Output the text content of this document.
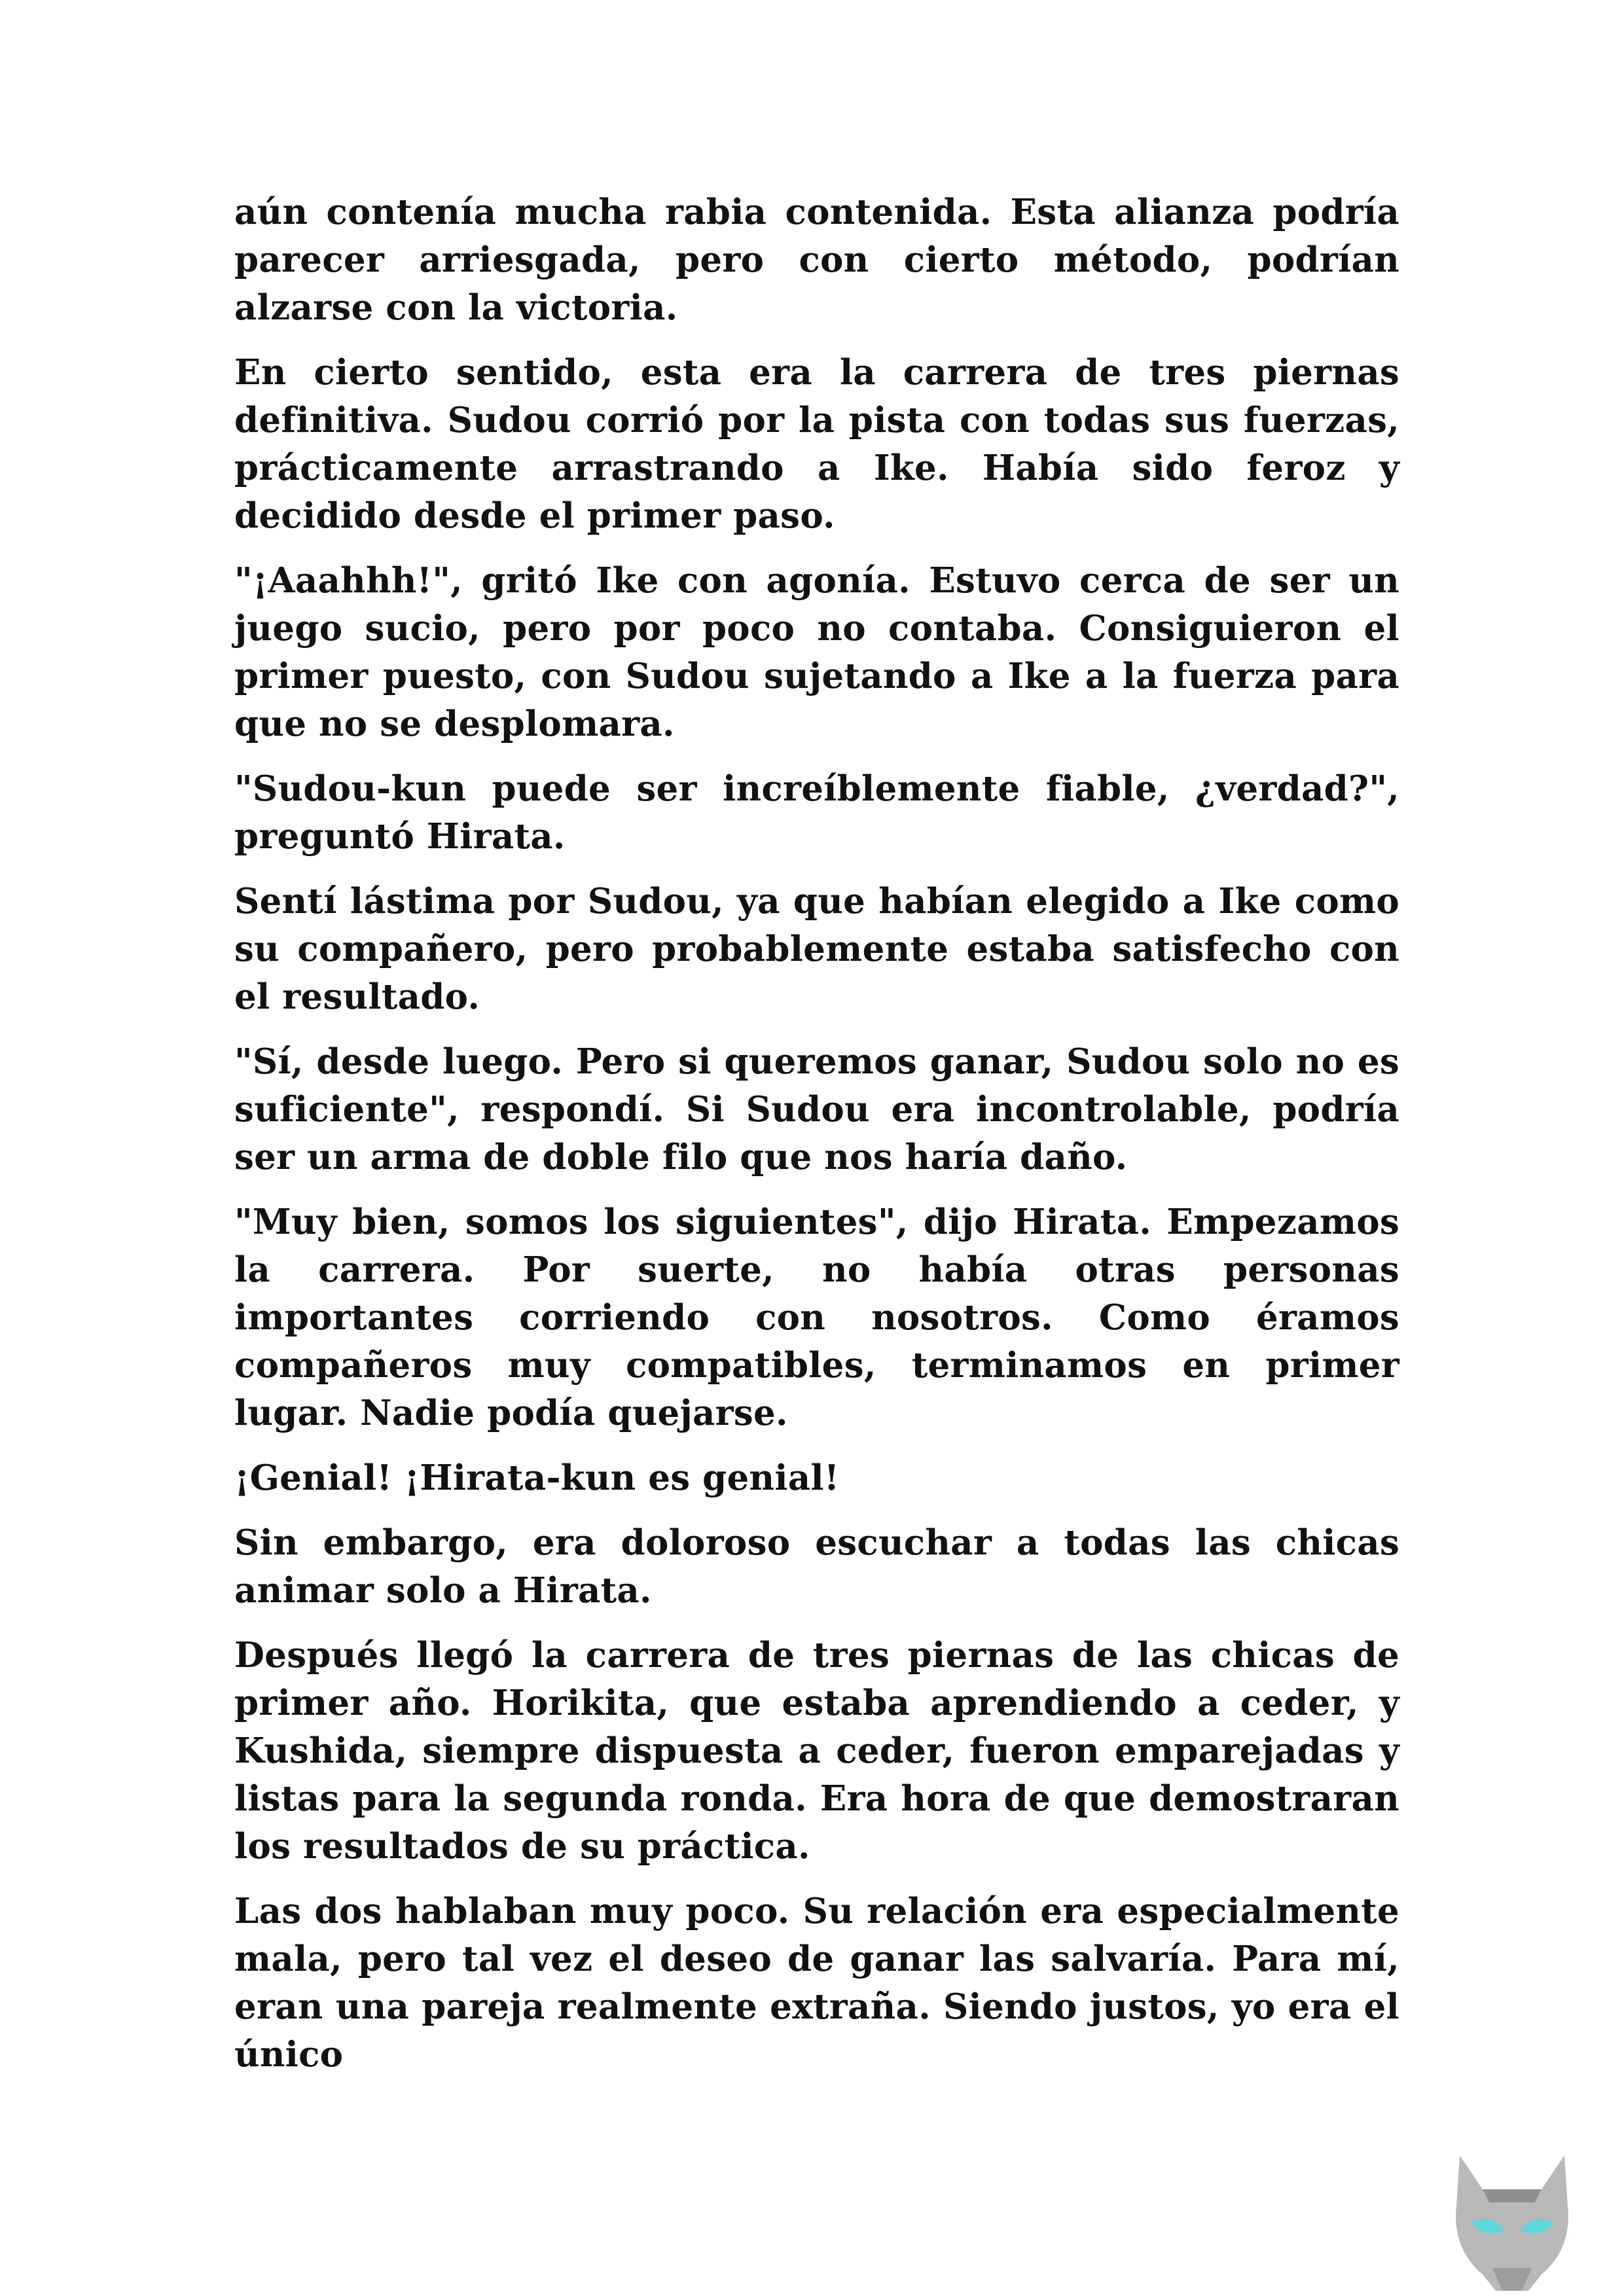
aún contenía mucha rabia contenida. Esta alianza podría parecer arriesgada, pero con cierto método, podrían alzarse con la victoria.

En cierto sentido, esta era la carrera de tres piernas definitiva. Sudou corrió por la pista con todas sus fuerzas, prácticamente arrastrando a Ike. Había sido feroz y decidido desde el primer paso.

"¡Aaahhh!", gritó Ike con agonía. Estuvo cerca de ser un juego sucio, pero por poco no contaba. Consiguieron el primer puesto, con Sudou sujetando a Ike a la fuerza para que no se desplomara.

"Sudou-kun puede ser increíblemente fiable, ¿verdad?", preguntó Hirata.

Sentí lástima por Sudou, ya que habían elegido a Ike como su compañero, pero probablemente estaba satisfecho con el resultado.

"Sí, desde luego. Pero si queremos ganar, Sudou solo no es suficiente", respondí. Si Sudou era incontrolable, podría ser un arma de doble filo que nos haría daño.

"Muy bien, somos los siguientes", dijo Hirata. Empezamos la carrera. Por suerte, no había otras personas importantes corriendo con nosotros. Como éramos compañeros muy compatibles, terminamos en primer lugar. Nadie podía quejarse.

¡Genial! ¡Hirata-kun es genial!

Sin embargo, era doloroso escuchar a todas las chicas animar solo a Hirata.

Después llegó la carrera de tres piernas de las chicas de primer año. Horikita, que estaba aprendiendo a ceder, y Kushida, siempre dispuesta a ceder, fueron emparejadas y listas para la segunda ronda. Era hora de que demostraran los resultados de su práctica.

Las dos hablaban muy poco. Su relación era especialmente mala, pero tal vez el deseo de ganar las salvaría. Para mí, eran una pareja realmente extraña. Siendo justos, yo era el único
